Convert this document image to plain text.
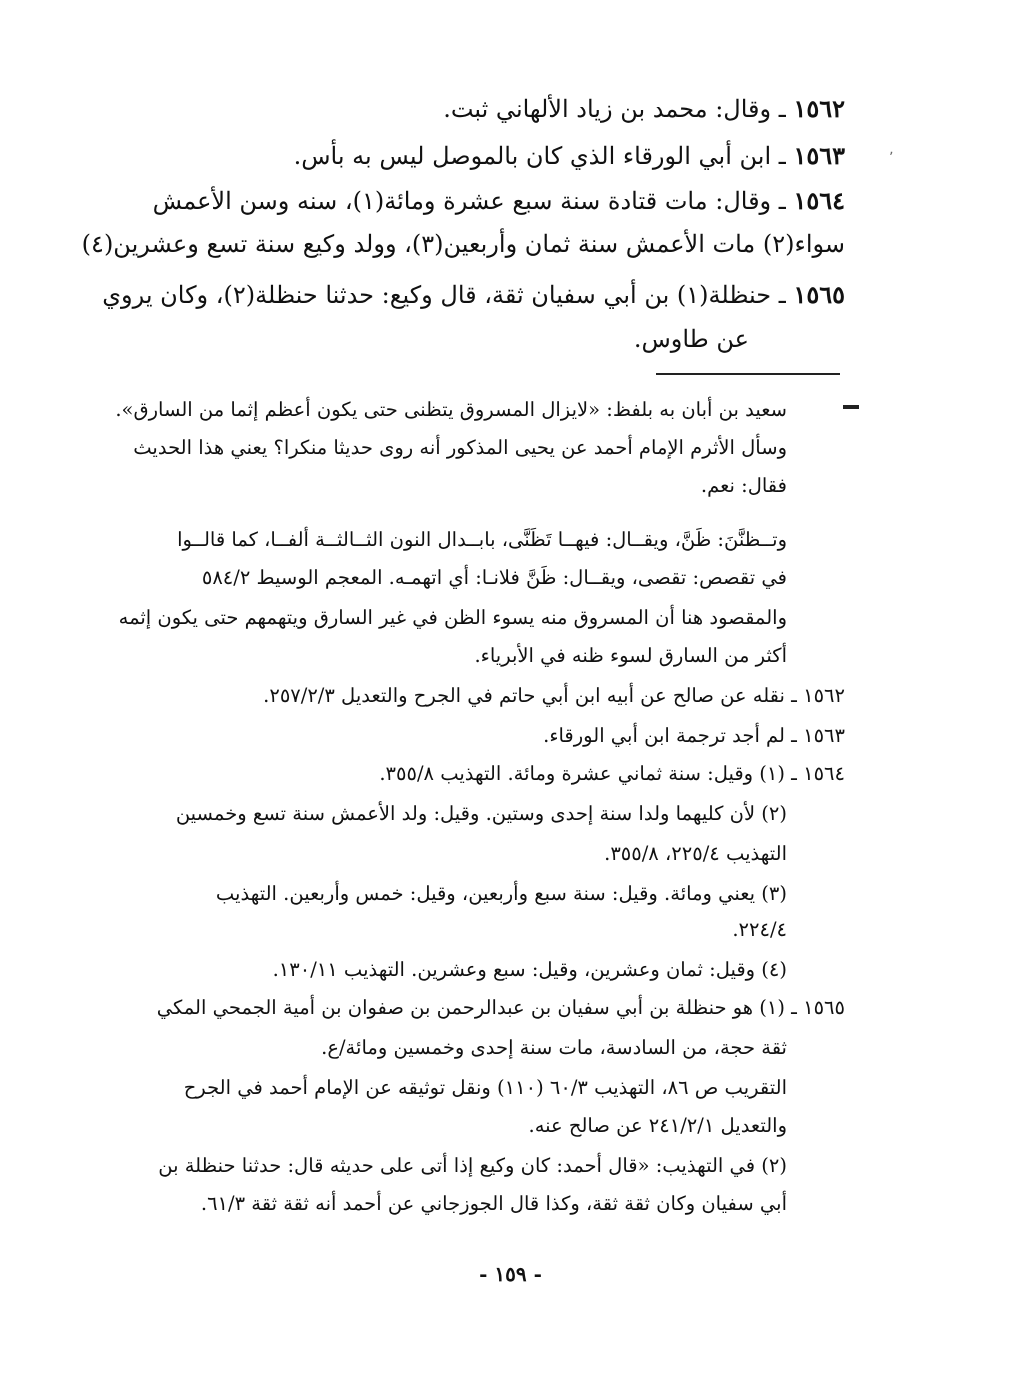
١٥٦٢ ـ وقال: محمد بن زياد الألهاني ثبت.
١٥٦٣ ـ ابن أبي الورقاء الذي كان بالموصل ليس به بأس.
١٥٦٤ ـ وقال: مات قتادة سنة سبع عشرة ومائة(١)، سنه وسن الأعمش
سواء(٢) مات الأعمش سنة ثمان وأربعين(٣)، وولد وكيع سنة تسع وعشرين(٤)
١٥٦٥ ـ حنظلة(١) بن أبي سفيان ثقة، قال وكيع: حدثنا حنظلة(٢)، وكان يروي
عن طاوس.
٬
سعيد بن أبان به بلفظ: «لايزال المسروق يتظنى حتى يكون أعظم إثما من السارق».
وسأل الأثرم الإمام أحمد عن يحيى المذكور أنه روى حديثا منكرا؟ يعني هذا الحديث
فقال: نعم.
وتــظنَّنَ: ظَنَّ، ويقــال: فيهــا تَظَنَّى، بابــدال النون الثــالثــة ألفــا، كما قالــوا
في تقصص: تقصى، ويقــال: ظَنَّ فلانـا: أي اتهمـه. المعجم الوسيط ٥٨٤/٢
والمقصود هنا أن المسروق منه يسوء الظن في غير السارق ويتهمهم حتى يكون إثمه
أكثر من السارق لسوء ظنه في الأبرياء.
١٥٦٢ ـ نقله عن صالح عن أبيه ابن أبي حاتم في الجرح والتعديل ٢٥٧/٢/٣.
١٥٦٣ ـ لم أجد ترجمة ابن أبي الورقاء.
١٥٦٤ ـ (١) وقيل: سنة ثماني عشرة ومائة. التهذيب ٣٥٥/٨.
(٢) لأن كليهما ولدا سنة إحدى وستين. وقيل: ولد الأعمش سنة تسع وخمسين
التهذيب ٢٢٥/٤، ٣٥٥/٨.
(٣) يعني ومائة. وقيل: سنة سبع وأربعين، وقيل: خمس وأربعين. التهذيب
٢٢٤/٤.
(٤) وقيل: ثمان وعشرين، وقيل: سبع وعشرين. التهذيب ١٣٠/١١.
١٥٦٥ ـ (١) هو حنظلة بن أبي سفيان بن عبدالرحمن بن صفوان بن أمية الجمحي المكي
ثقة حجة، من السادسة، مات سنة إحدى وخمسين ومائة/ع.
التقريب ص ٨٦، التهذيب ٦٠/٣ (١١٠) ونقل توثيقه عن الإمام أحمد في الجرح
والتعديل ٢٤١/٢/١ عن صالح عنه.
(٢) في التهذيب: «قال أحمد: كان وكيع إذا أتى على حديثه قال: حدثنا حنظلة بن
أبي سفيان وكان ثقة ثقة، وكذا قال الجوزجاني عن أحمد أنه ثقة ثقة ٦١/٣.
- ١٥٩ -
